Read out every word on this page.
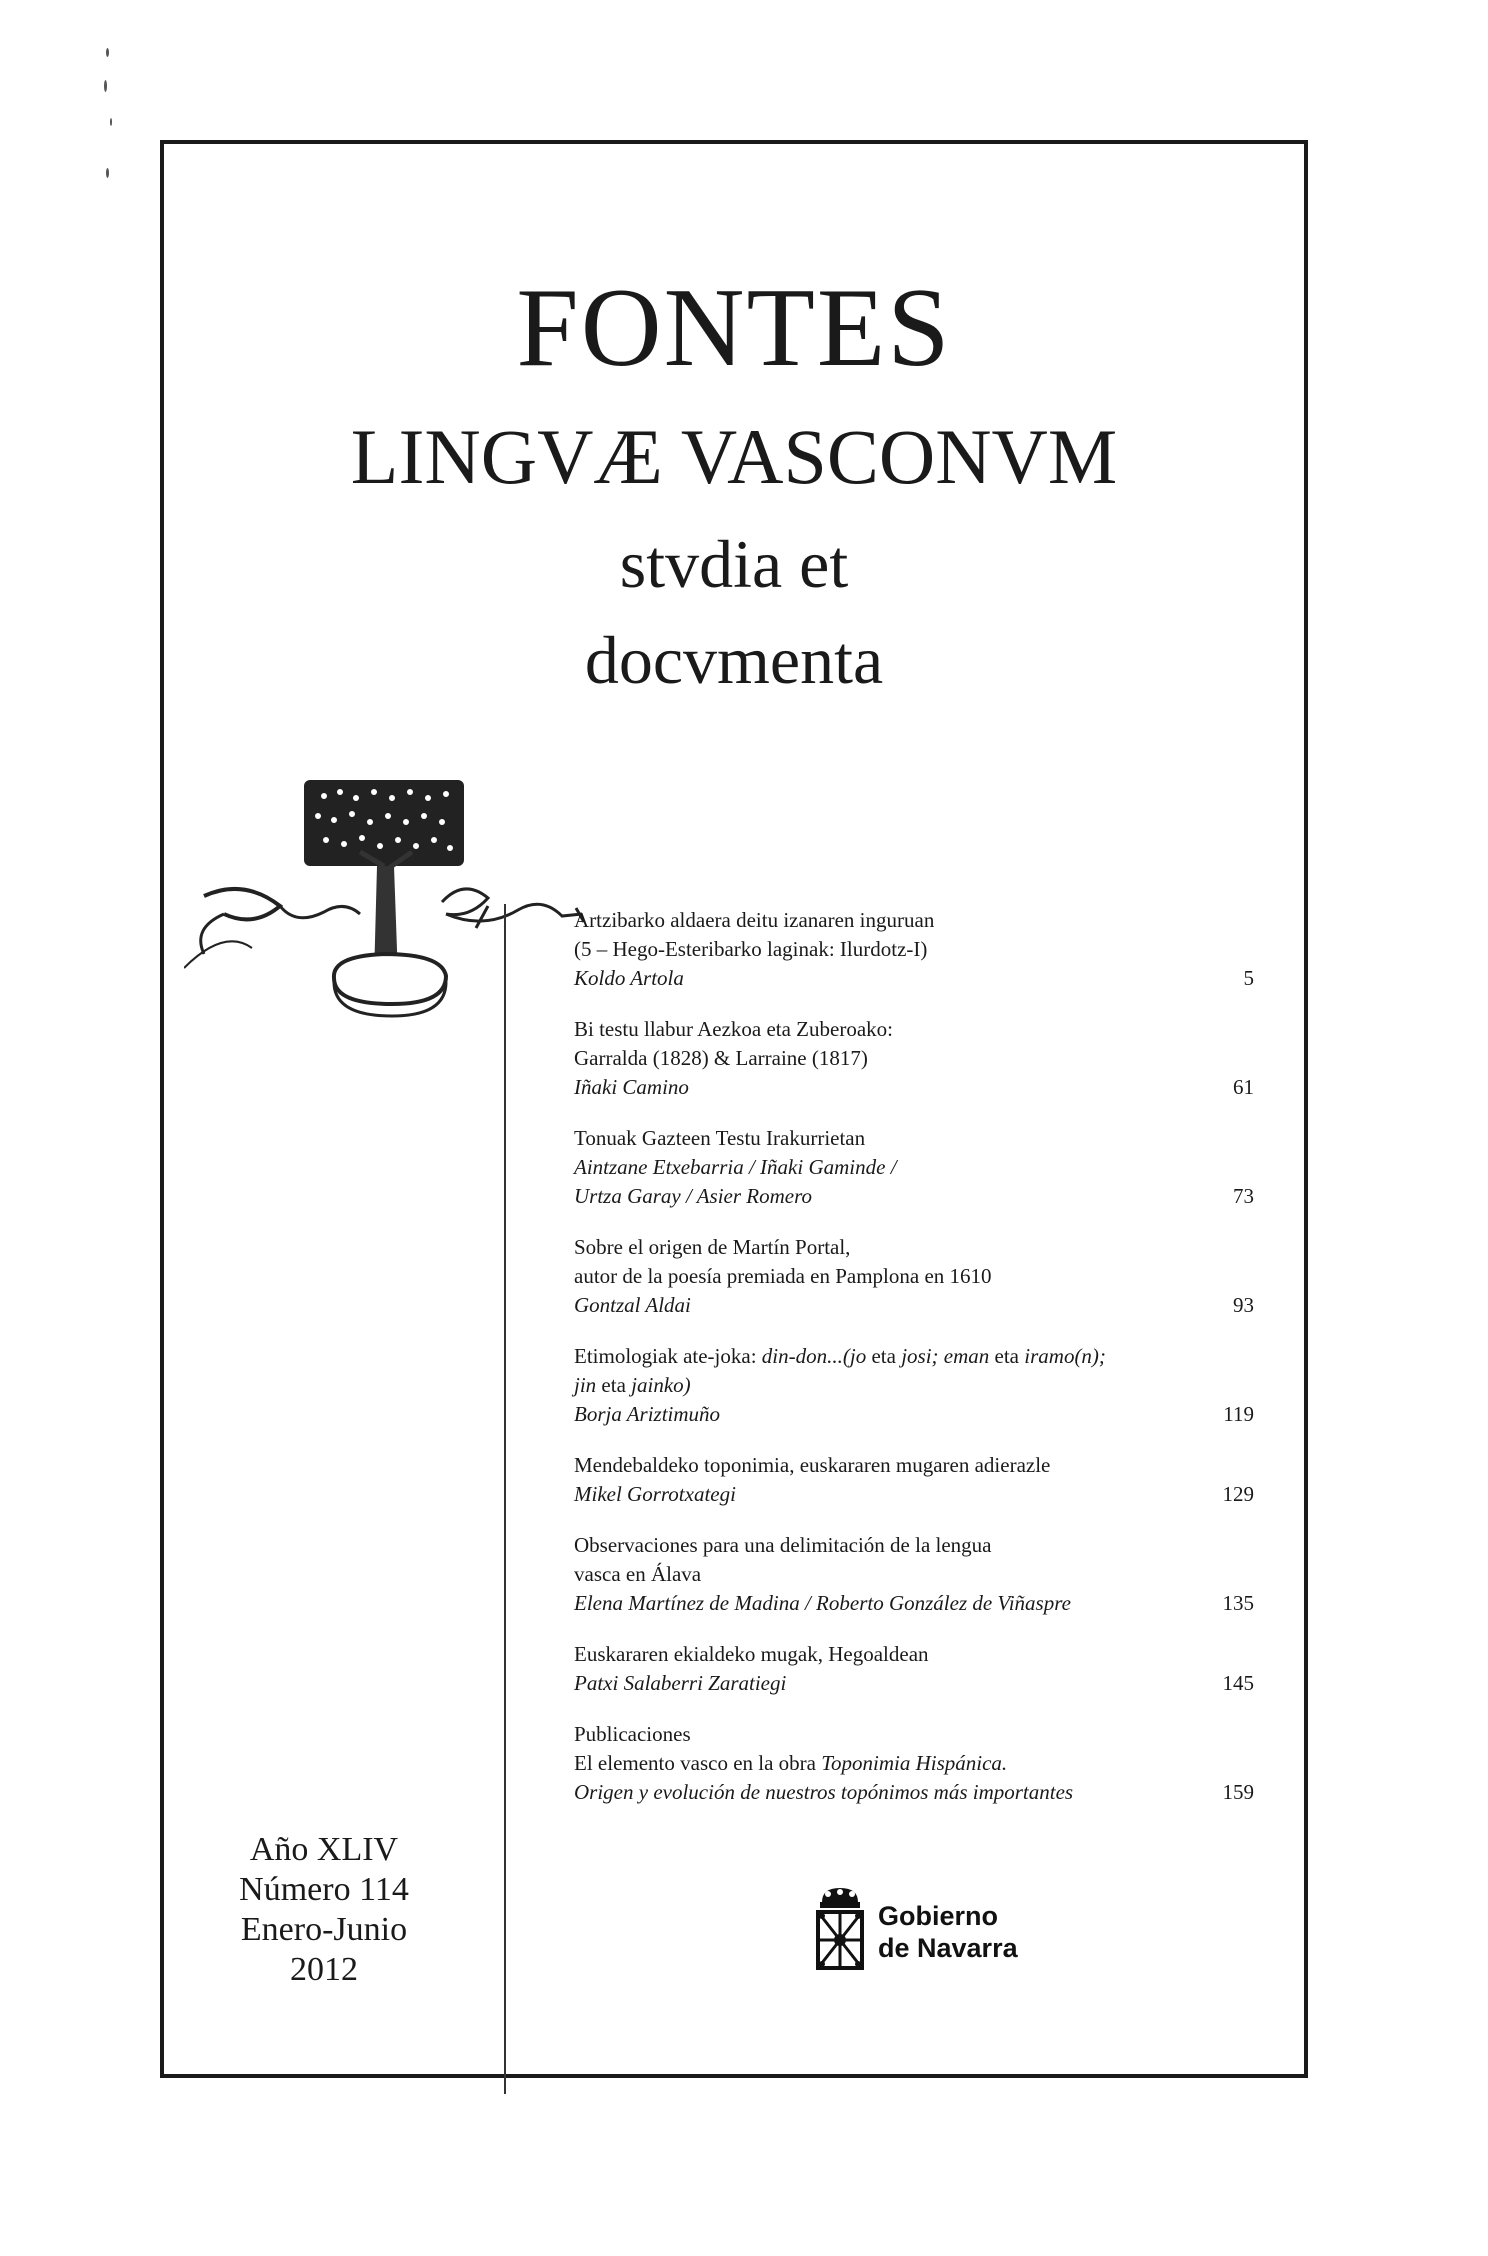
FONTES
LINGVÆ VASCONVM
stvdia et
docvmenta
Artzibarko aldaera deitu izanaren inguruan
(5 – Hego-Esteribarko laginak: Ilurdotz-I)
Koldo Artola	5
Bi testu llabur Aezkoa eta Zuberoako:
Garralda (1828) & Larraine (1817)
Iñaki Camino	61
Tonuak Gazteen Testu Irakurrietan
Aintzane Etxebarria / Iñaki Gaminde /
Urtza Garay / Asier Romero	73
Sobre el origen de Martín Portal,
autor de la poesía premiada en Pamplona en 1610
Gontzal Aldai	93
Etimologiak ate-joka: din-don...(jo eta josi; eman eta iramo(n);
jin eta jainko)
Borja Ariztimuño	119
Mendebaldeko toponimia, euskararen mugaren adierazle
Mikel Gorrotxategi	129
Observaciones para una delimitación de la lengua
vasca en Álava
Elena Martínez de Madina / Roberto González de Viñaspre	135
Euskararen ekialdeko mugak, Hegoaldean
Patxi Salaberri Zaratiegi	145
Publicaciones
El elemento vasco en la obra Toponimia Hispánica.
Origen y evolución de nuestros topónimos más importantes	159
Año XLIV
Número 114
Enero-Junio
2012
Gobierno
de Navarra
